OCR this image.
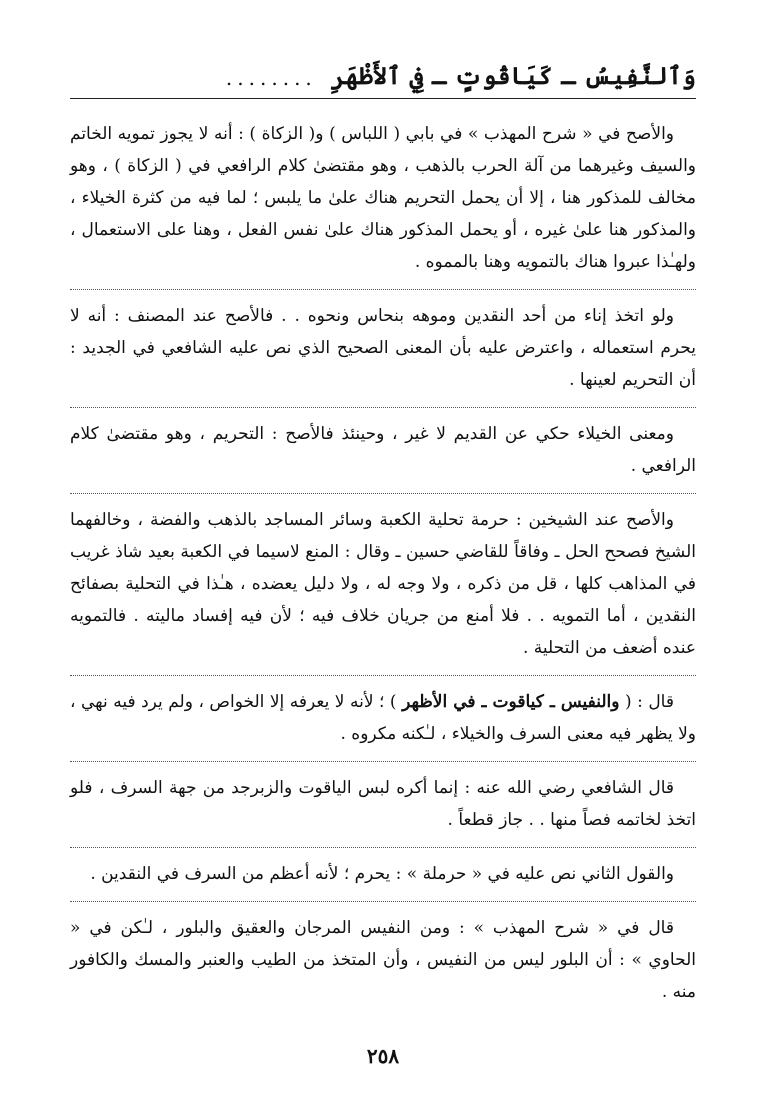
وَٱلنَّفِيسُ ـ كَيَاقُوتٍ ـ فِي ٱلأَظْهَرِ
........

والأصح في « شرح المهذب » في بابي ( اللباس ) و( الزكاة ) : أنه لا يجوز تمويه الخاتم والسيف وغيرهما من آلة الحرب بالذهب ، وهو مقتضىٰ كلام الرافعي في ( الزكاة ) ، وهو مخالف للمذكور هنا ، إلا أن يحمل التحريم هناك علىٰ ما يلبس ؛ لما فيه من كثرة الخيلاء ، والمذكور هنا علىٰ غيره ، أو يحمل المذكور هناك علىٰ نفس الفعل ، وهنا على الاستعمال ، ولهـٰذا عبروا هناك بالتمويه وهنا بالمموه .

ولو اتخذ إناء من أحد النقدين وموهه بنحاس ونحوه . . فالأصح عند المصنف : أنه لا يحرم استعماله ، واعترض عليه بأن المعنى الصحيح الذي نص عليه الشافعي في الجديد : أن التحريم لعينها .

ومعنى الخيلاء حكي عن القديم لا غير ، وحينئذ فالأصح : التحريم ، وهو مقتضىٰ كلام الرافعي .

والأصح عند الشيخين : حرمة تحلية الكعبة وسائر المساجد بالذهب والفضة ، وخالفهما الشيخ فصحح الحل ـ وفاقاً للقاضي حسين ـ وقال : المنع لاسيما في الكعبة بعيد شاذ غريب في المذاهب كلها ، قل من ذكره ، ولا وجه له ، ولا دليل يعضده ، هـٰذا في التحلية بصفائح النقدين ، أما التمويه . . فلا أمنع من جريان خلاف فيه ؛ لأن فيه إفساد ماليته . فالتمويه عنده أضعف من التحلية .

قال : ( والنفيس ـ كياقوت ـ في الأظهر ) ؛ لأنه لا يعرفه إلا الخواص ، ولم يرد فيه نهي ، ولا يظهر فيه معنى السرف والخيلاء ، لـٰكنه مكروه .

قال الشافعي رضي الله عنه : إنما أكره لبس الياقوت والزبرجد من جهة السرف ، فلو اتخذ لخاتمه فصاً منها . . جاز قطعاً .

والقول الثاني نص عليه في « حرملة » : يحرم ؛ لأنه أعظم من السرف في النقدين .

قال في « شرح المهذب » : ومن النفيس المرجان والعقيق والبلور ، لـٰكن في « الحاوي » : أن البلور ليس من النفيس ، وأن المتخذ من الطيب والعنبر والمسك والكافور منه .

٢٥٨
